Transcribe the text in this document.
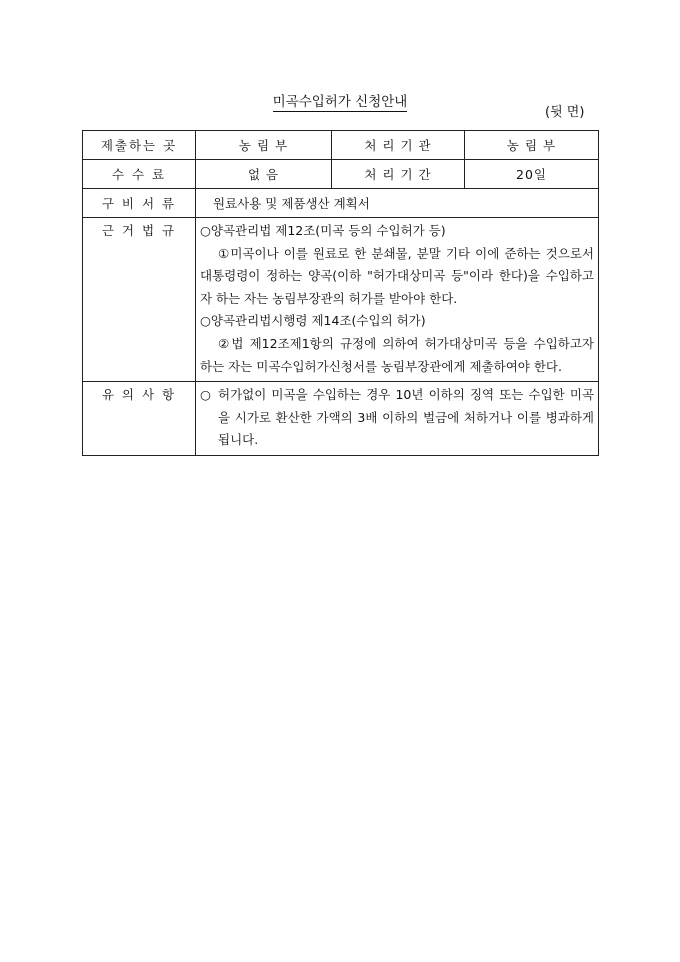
미곡수입허가 신청안내
(뒷 면)
제출하는 곳	농 림 부	처 리 기 관	농 림 부
수 수 료	없 음	처 리 기 간	20일
구 비 서 류	원료사용 및 제품생산 계획서		
근 거 법 규	○양곡관리법 제12조(미곡 등의 수입허가 등)
①미곡이나 이를 원료로 한 분쇄물, 분말 기타 이에 준하는 것으로서 대통령령이 정하는 양곡(이하 "허가대상미곡 등"이라 한다)을 수입하고자 하는 자는 농림부장관의 허가를 받아야 한다.
○양곡관리법시행령 제14조(수입의 허가)
②법 제12조제1항의 규정에 의하여 허가대상미곡 등을 수입하고자 하는 자는 미곡수입허가신청서를 농림부장관에게 제출하여야 한다.		

유 의 사 항	○ 허가없이 미곡을 수입하는 경우 10년 이하의 징역 또는 수입한 미곡을 시가로 환산한 가액의 3배 이하의 벌금에 처하거나 이를 병과하게 됩니다.		
